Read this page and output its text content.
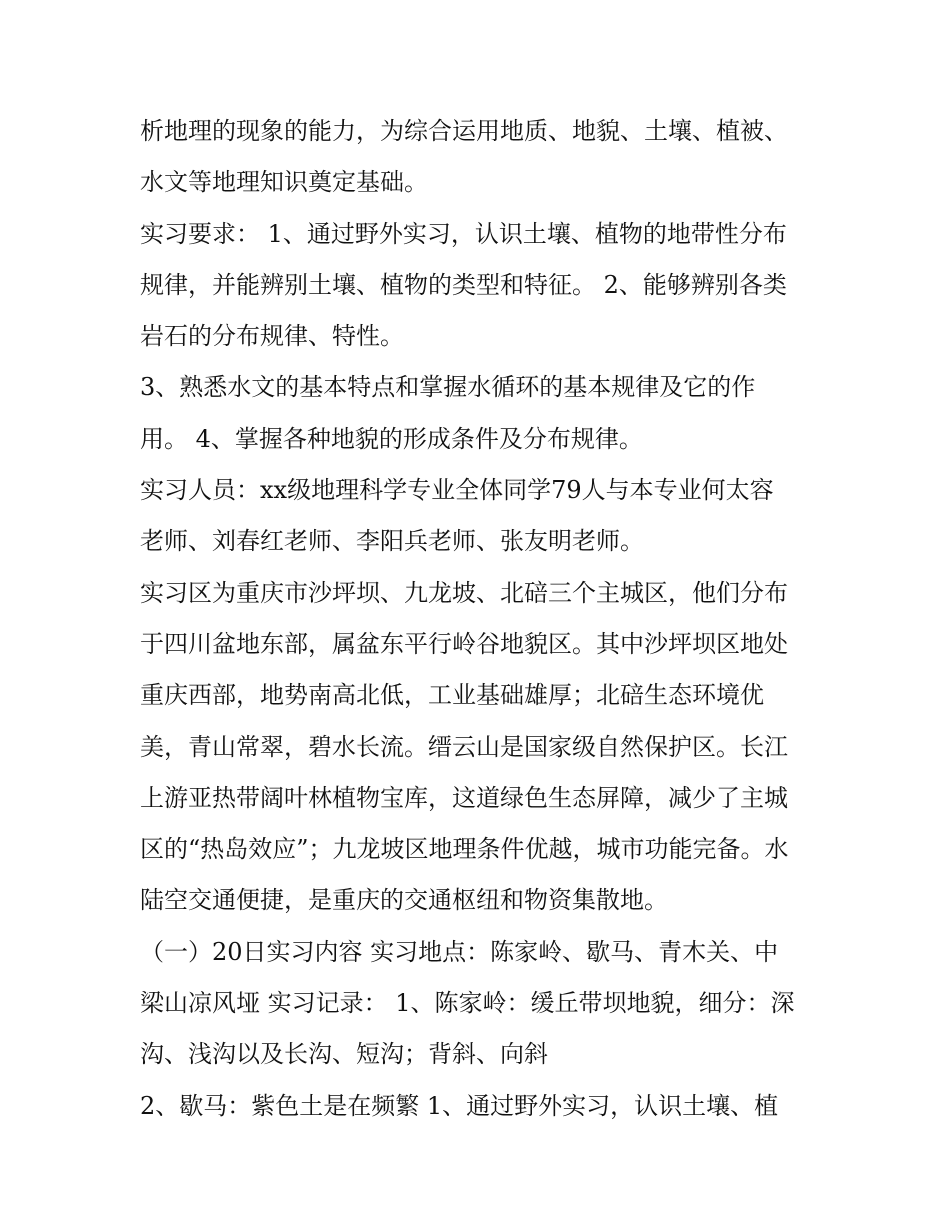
析地理的现象的能力，为综合运用地质、地貌、土壤、植被、
水文等地理知识奠定基础。
实习要求： 1、通过野外实习，认识土壤、植物的地带性分布
规律，并能辨别土壤、植物的类型和特征。 2、能够辨别各类
岩石的分布规律、特性。
3、熟悉水文的基本特点和掌握水循环的基本规律及它的作
用。 4、掌握各种地貌的形成条件及分布规律。
实习人员：xx级地理科学专业全体同学79人与本专业何太容
老师、刘春红老师、李阳兵老师、张友明老师。
实习区为重庆市沙坪坝、九龙坡、北碚三个主城区，他们分布
于四川盆地东部，属盆东平行岭谷地貌区。其中沙坪坝区地处
重庆西部，地势南高北低，工业基础雄厚；北碚生态环境优
美，青山常翠，碧水长流。缙云山是国家级自然保护区。长江
上游亚热带阔叶林植物宝库，这道绿色生态屏障，减少了主城
区的“热岛效应”；九龙坡区地理条件优越，城市功能完备。水
陆空交通便捷，是重庆的交通枢纽和物资集散地。
（一）20日实习内容 实习地点：陈家岭、歇马、青木关、中
梁山凉风垭 实习记录： 1、陈家岭：缓丘带坝地貌，细分：深
沟、浅沟以及长沟、短沟；背斜、向斜
2、歇马：紫色土是在频繁 1、通过野外实习，认识土壤、植
